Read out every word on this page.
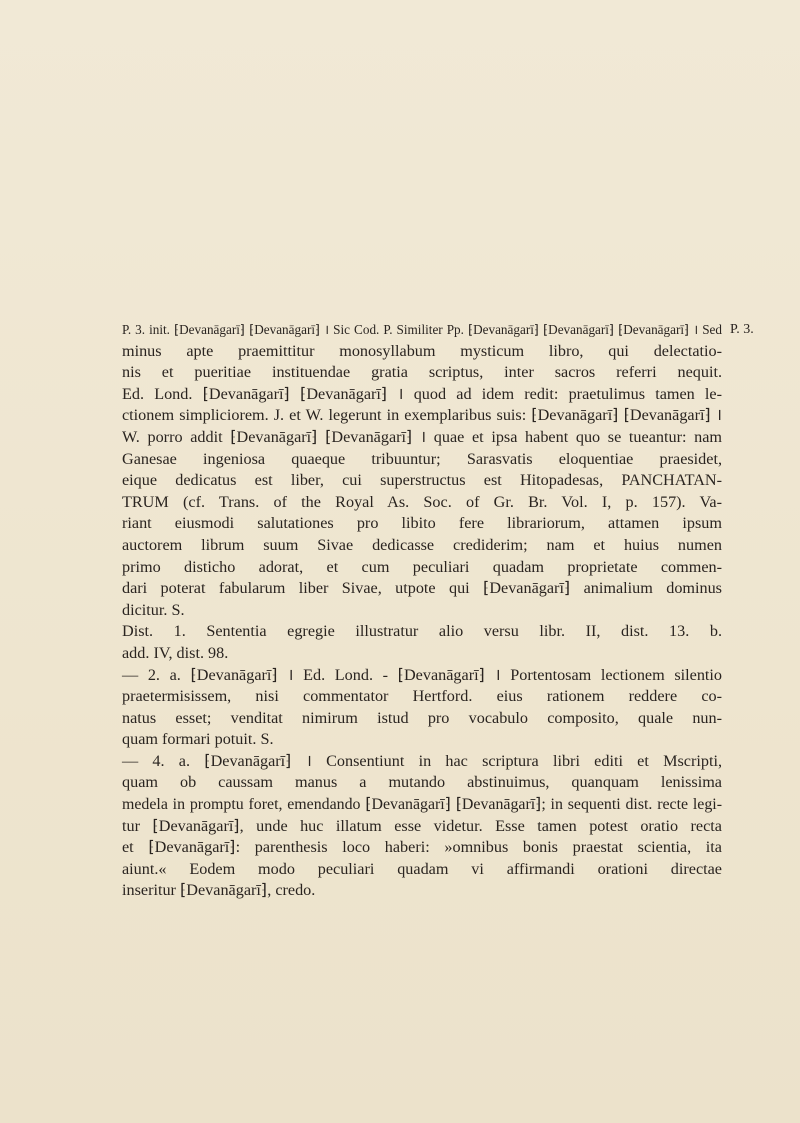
P. 3.
P. 3. init. ⁅Devanāgarī⁆ ⁅Devanāgarī⁆ । Sic Cod. P. Similiter Pp. ⁅Devanāgarī⁆ ⁅Devanāgarī⁆ ⁅Devanāgarī⁆ । Sed
minus apte praemittitur monosyllabum mysticum libro, qui delectatio-
nis et pueritiae instituendae gratia scriptus, inter sacros referri nequit.
Ed. Lond. ⁅Devanāgarī⁆ ⁅Devanāgarī⁆ । quod ad idem redit: praetulimus tamen le-
ctionem simpliciorem. J. et W. legerunt in exemplaribus suis: ⁅Devanāgarī⁆ ⁅Devanāgarī⁆ ।
W. porro addit ⁅Devanāgarī⁆ ⁅Devanāgarī⁆ । quae et ipsa habent quo se tueantur: nam
Ganesae ingeniosa quaeque tribuuntur; Sarasvatis eloquentiae praesidet,
eique dedicatus est liber, cui superstructus est Hitopadesas, PANCHATAN-
TRUM (cf. Trans. of the Royal As. Soc. of Gr. Br. Vol. I, p. 157). Va-
riant eiusmodi salutationes pro libito fere librariorum, attamen ipsum
auctorem librum suum Sivae dedicasse crediderim; nam et huius numen
primo disticho adorat, et cum peculiari quadam proprietate commen-
dari poterat fabularum liber Sivae, utpote qui ⁅Devanāgarī⁆ animalium dominus
dicitur. S.
Dist. 1. Sententia egregie illustratur alio versu libr. II, dist. 13. b.
add. IV, dist. 98.
— 2. a. ⁅Devanāgarī⁆ । Ed. Lond. - ⁅Devanāgarī⁆ । Portentosam lectionem silentio
praetermisissem, nisi commentator Hertford. eius rationem reddere co-
natus esset; venditat nimirum istud pro vocabulo composito, quale nun-
quam formari potuit. S.
— 4. a. ⁅Devanāgarī⁆ । Consentiunt in hac scriptura libri editi et Mscripti,
quam ob caussam manus a mutando abstinuimus, quanquam lenissima
medela in promptu foret, emendando ⁅Devanāgarī⁆ ⁅Devanāgarī⁆; in sequenti dist. recte legi-
tur ⁅Devanāgarī⁆, unde huc illatum esse videtur. Esse tamen potest oratio recta
et ⁅Devanāgarī⁆: parenthesis loco haberi: »omnibus bonis praestat scientia, ita
aiunt.« Eodem modo peculiari quadam vi affirmandi orationi directae
inseritur ⁅Devanāgarī⁆, credo.
